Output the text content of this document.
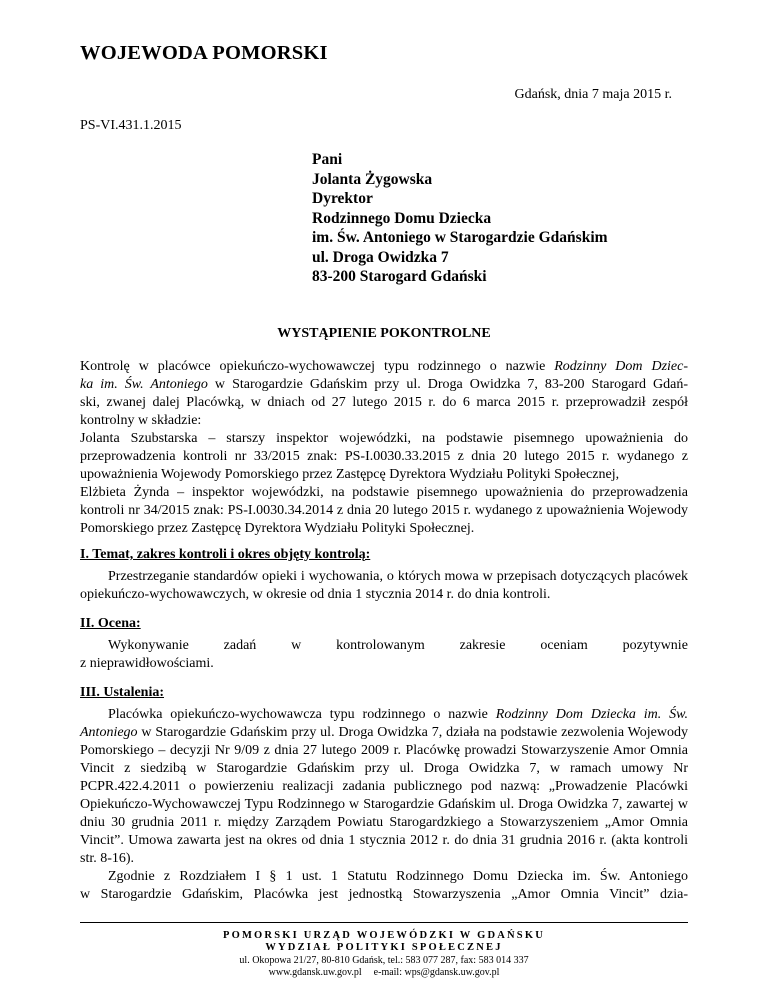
WOJEWODA POMORSKI
Gdańsk, dnia 7 maja 2015 r.
PS-VI.431.1.2015
Pani
Jolanta Żygowska
Dyrektor
Rodzinnego Domu Dziecka
im. Św. Antoniego w Starogardzie Gdańskim
ul. Droga Owidzka 7
83-200 Starogard Gdański
WYSTĄPIENIE POKONTROLNE
Kontrolę w placówce opiekuńczo-wychowawczej typu rodzinnego o nazwie Rodzinny Dom Dziec-
ka im. Św. Antoniego w Starogardzie Gdańskim przy ul. Droga Owidzka 7, 83-200 Starogard Gdań-
ski, zwanej dalej Placówką, w dniach od 27 lutego 2015 r. do 6 marca 2015 r. przeprowadził zespół
kontrolny w składzie:
Jolanta Szubstarska – starszy inspektor wojewódzki, na podstawie pisemnego upoważnienia do przeprowadzenia kontroli nr 33/2015 znak: PS-I.0030.33.2015 z dnia 20 lutego 2015 r. wydanego z upoważnienia Wojewody Pomorskiego przez Zastępcę Dyrektora Wydziału Polityki Społecznej,
Elżbieta Żynda – inspektor wojewódzki, na podstawie pisemnego upoważnienia do przeprowadzenia kontroli nr 34/2015 znak: PS-I.0030.34.2014 z dnia 20 lutego 2015 r. wydanego z upoważnienia Wojewody Pomorskiego przez Zastępcę Dyrektora Wydziału Polityki Społecznej.
I. Temat, zakres kontroli i okres objęty kontrolą:
Przestrzeganie standardów opieki i wychowania, o których mowa w przepisach dotyczących placówek opiekuńczo-wychowawczych, w okresie od dnia 1 stycznia 2014 r. do dnia kontroli.
II. Ocena:
Wykonywanie zadań w kontrolowanym zakresie oceniam pozytywnie
z nieprawidłowościami.
III. Ustalenia:
Placówka opiekuńczo-wychowawcza typu rodzinnego o nazwie Rodzinny Dom Dziecka im. Św. Antoniego w Starogardzie Gdańskim przy ul. Droga Owidzka 7, działa na podstawie zezwolenia Wojewody Pomorskiego – decyzji Nr 9/09 z dnia 27 lutego 2009 r. Placówkę prowadzi Stowarzyszenie Amor Omnia Vincit z siedzibą w Starogardzie Gdańskim przy ul. Droga Owidzka 7, w ramach umowy Nr PCPR.422.4.2011 o powierzeniu realizacji zadania publicznego pod nazwą: „Prowadzenie Placówki Opiekuńczo-Wychowawczej Typu Rodzinnego w Starogardzie Gdańskim ul. Droga Owidzka 7, zawartej w dniu 30 grudnia 2011 r. między Zarządem Powiatu Starogardzkiego a Stowarzyszeniem „Amor Omnia Vincit”. Umowa zawarta jest na okres od dnia 1 stycznia 2012 r. do dnia 31 grudnia 2016 r. (akta kontroli str. 8-16).
Zgodnie z Rozdziałem I § 1 ust. 1 Statutu Rodzinnego Domu Dziecka im. Św. Antoniego
w Starogardzie Gdańskim, Placówka jest jednostką Stowarzyszenia „Amor Omnia Vincit” dzia-
POMORSKI URZĄD WOJEWÓDZKI W GDAŃSKU
WYDZIAŁ POLITYKI SPOŁECZNEJ
ul. Okopowa 21/27, 80-810 Gdańsk, tel.: 583 077 287, fax: 583 014 337
www.gdansk.uw.gov.pl e-mail: wps@gdansk.uw.gov.pl
